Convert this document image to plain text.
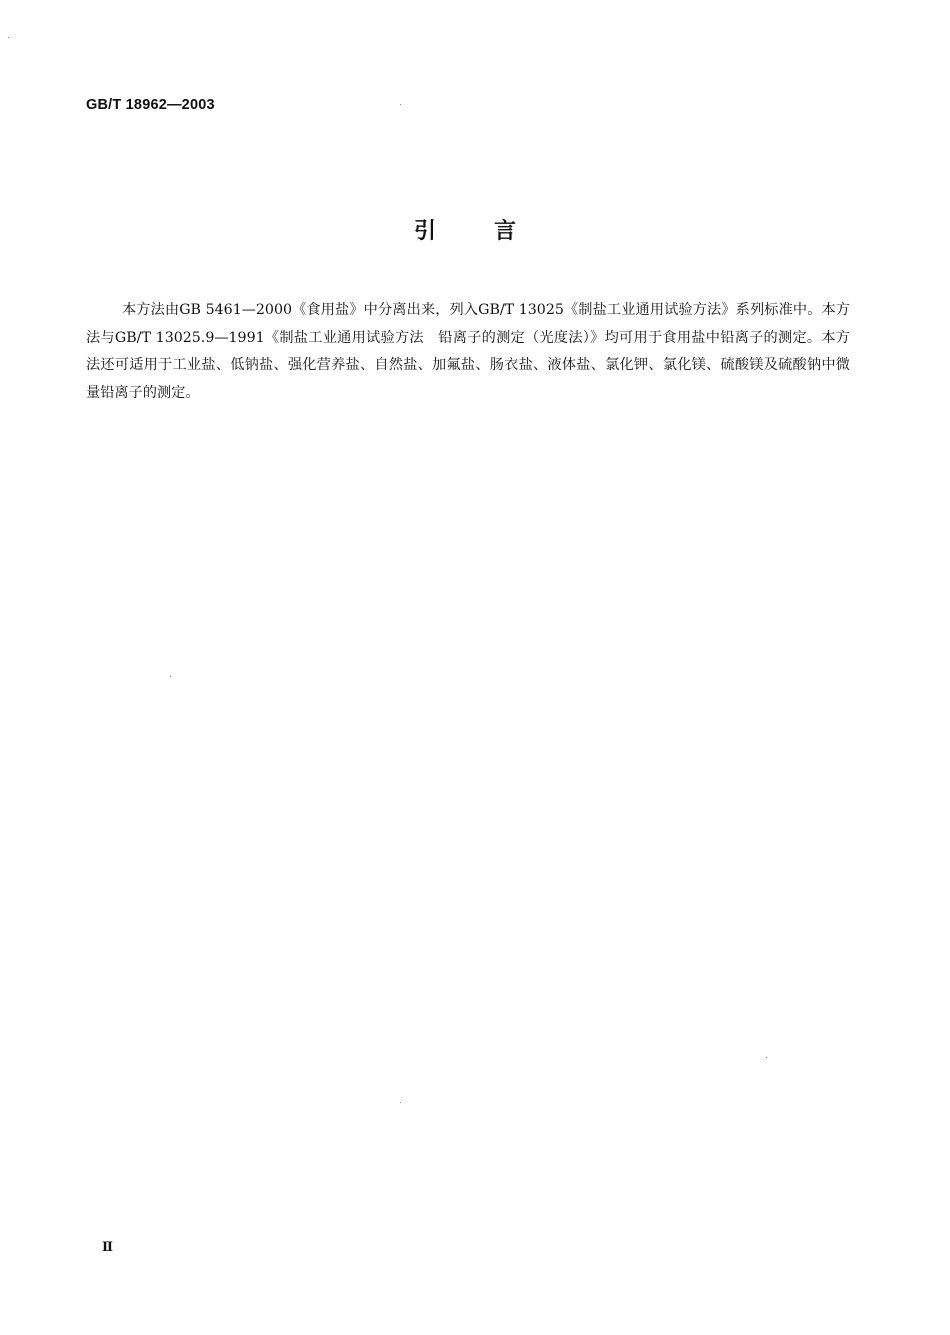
GB/T 18962—2003
引言

本方法由GB 5461—2000《食用盐》中分离出来，列入GB/T 13025《制盐工业通用试验方法》系列标准中。本方法与GB/T 13025.9—1991《制盐工业通用试验方法　铅离子的测定（光度法）》均可用于食用盐中铅离子的测定。本方法还可适用于工业盐、低钠盐、强化营养盐、自然盐、加氟盐、肠衣盐、液体盐、氯化钾、氯化镁、硫酸镁及硫酸钠中微量铅离子的测定。

Ⅱ
